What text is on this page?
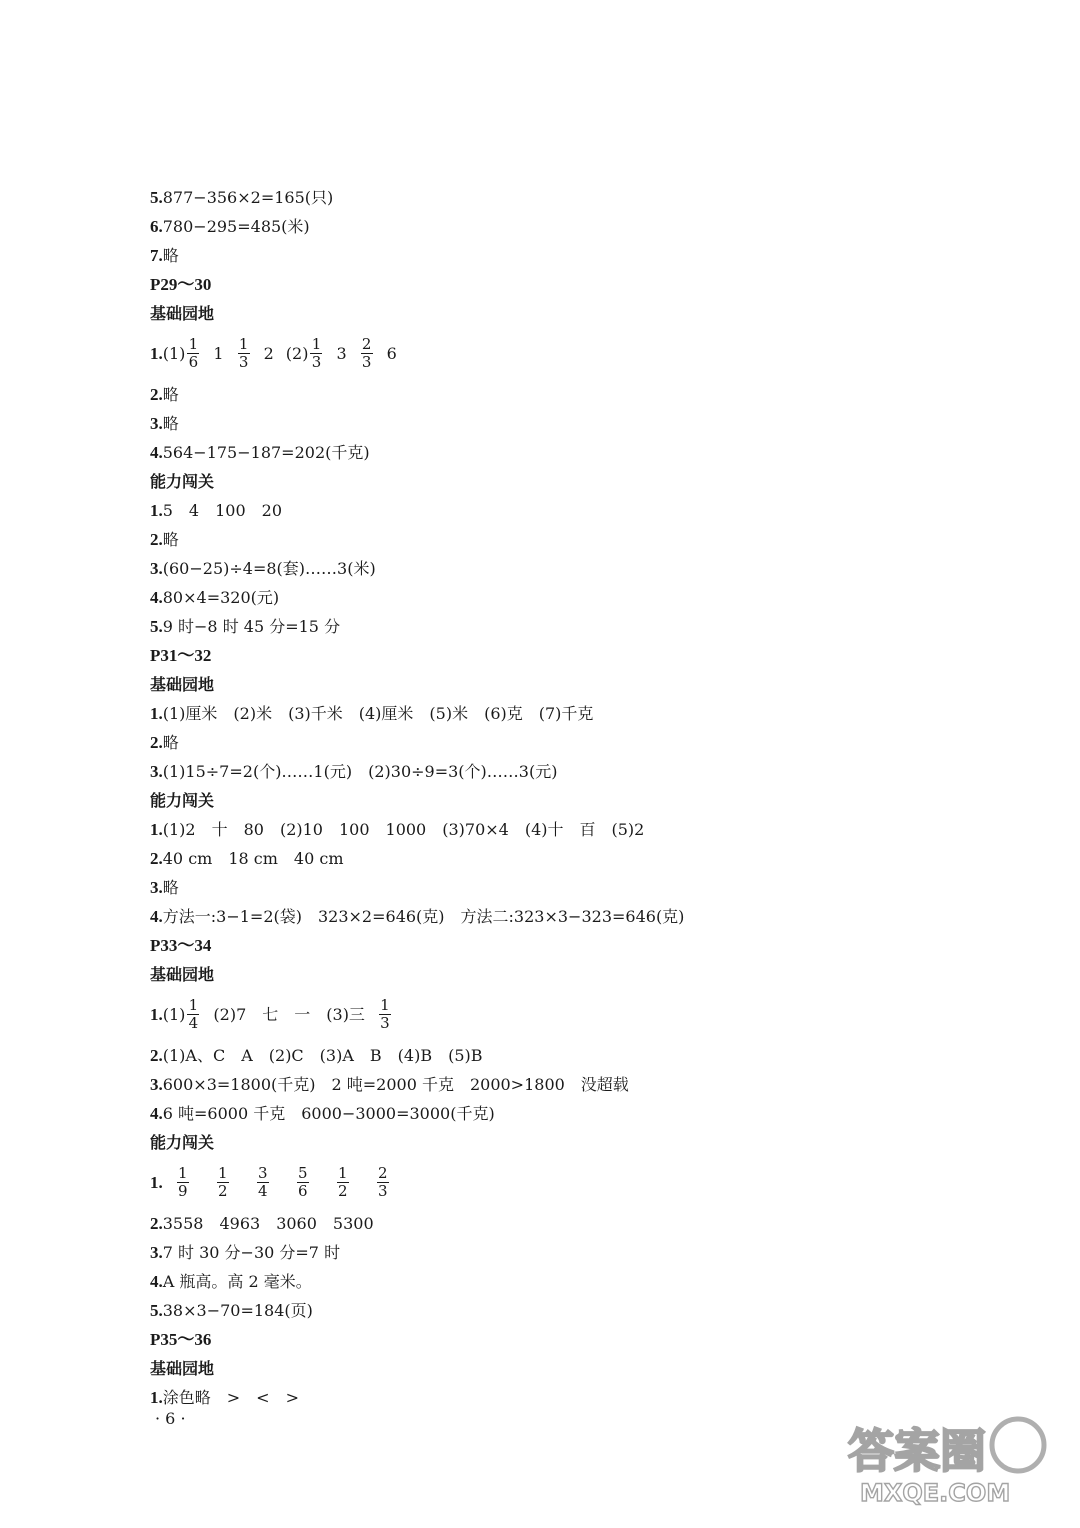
5. 877−356×2=165(只)
6. 780−295=485(米)
7. 略
P29～30
基础园地
1. $(1) \frac{1}{6} 1 \frac{1}{3} 2$ $(2) \frac{1}{3} 3 \frac{2}{3} 6$
2. 略
3. 略
4. 564−175−187=202(千克)
能力闯关
1. 5　4　100　20
2. 略
3. (60−25)÷4=8(套)……3(米)
4. 80×4=320(元)
5. 9 时−8 时 45 分=15 分
P31～32
基础园地
1. (1)厘米　(2)米　(3)千米　(4)厘米　(5)米　(6)克　(7)千克
2. 略
3. (1)15÷7=2(个)……1(元)　(2)30÷9=3(个)……3(元)
能力闯关
1. (1)2　十　80　(2)10　100　1000　(3)70×4　(4)十　百　(5)2
2. 40 cm　18 cm　40 cm
3. 略
4. 方法一:3−1=2(袋)　323×2=646(克)　方法二:323×3−323=646(克)
P33～34
基础园地
1. $(1) \frac{1}{4} (2)7$　七　一　(3)三 $\frac{1}{3}$
2. (1)A、C　A　(2)C　(3)A　B　(4)B　(5)B
3. 600×3=1800(千克)　2 吨=2000 千克　2000>1800　没超载
4. 6 吨=6000 千克　6000−3000=3000(千克)
能力闯关
1. $\frac{1}{9} \frac{1}{2} \frac{3}{4} \frac{5}{6} \frac{1}{2} \frac{2}{3}$
2. 3558　4963　3060　5300
3. 7 时 30 分−30 分=7 时
4. A 瓶高。高 2 毫米。
5. 38×3−70=184(页)
P35～36
基础园地
1. 涂色略　>　<　>
· 6 ·
答案圈
MXQE.COM
